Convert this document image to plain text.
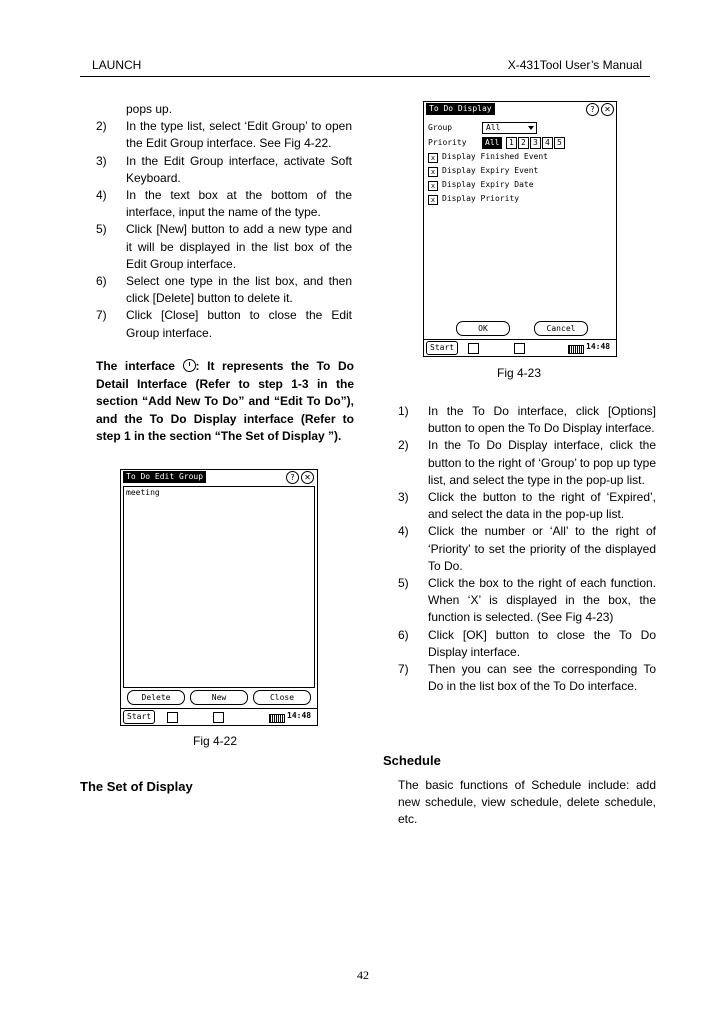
LAUNCH	X-431Tool User’s Manual
pops up.
2) In the type list, select ‘Edit Group’ to open the Edit Group interface. See Fig 4-22.
3) In the Edit Group interface, activate Soft Keyboard.
4) In the text box at the bottom of the interface, input the name of the type.
5) Click [New] button to add a new type and it will be displayed in the list box of the Edit Group interface.
6) Select one type in the list box, and then click [Delete] button to delete it.
7) Click [Close] button to close the Edit Group interface.
The interface : It represents the To Do Detail Interface (Refer to step 1-3 in the section “Add New To Do” and “Edit To Do”), and the To Do Display interface (Refer to step 1 in the section “The Set of Display ”).
To Do Edit Group	?	✕
meeting
Delete	New	Close
Start	14:48
Fig 4-22
To Do Display	?	✕
Group	All
Priority	All	1 2 3 4 5
x Display Finished Event
x Display Expiry Event
x Display Expiry Date
x Display Priority
OK	Cancel
Start	14:48
Fig 4-23
1) In the To Do interface, click [Options] button to open the To Do Display interface.
2) In the To Do Display interface, click the button to the right of ‘Group’ to pop up type list, and select the type in the pop-up list.
3) Click the button to the right of ‘Expired’, and select the data in the pop-up list.
4) Click the number or ‘All’ to the right of ‘Priority’ to set the priority of the displayed To Do.
5) Click the box to the right of each function. When ‘X’ is displayed in the box, the function is selected. (See Fig 4-23)
6) Click [OK] button to close the To Do Display interface.
7) Then you can see the corresponding To Do in the list box of the To Do interface.
Schedule
The basic functions of Schedule include: add new schedule, view schedule, delete schedule, etc.
The Set of Display
42
